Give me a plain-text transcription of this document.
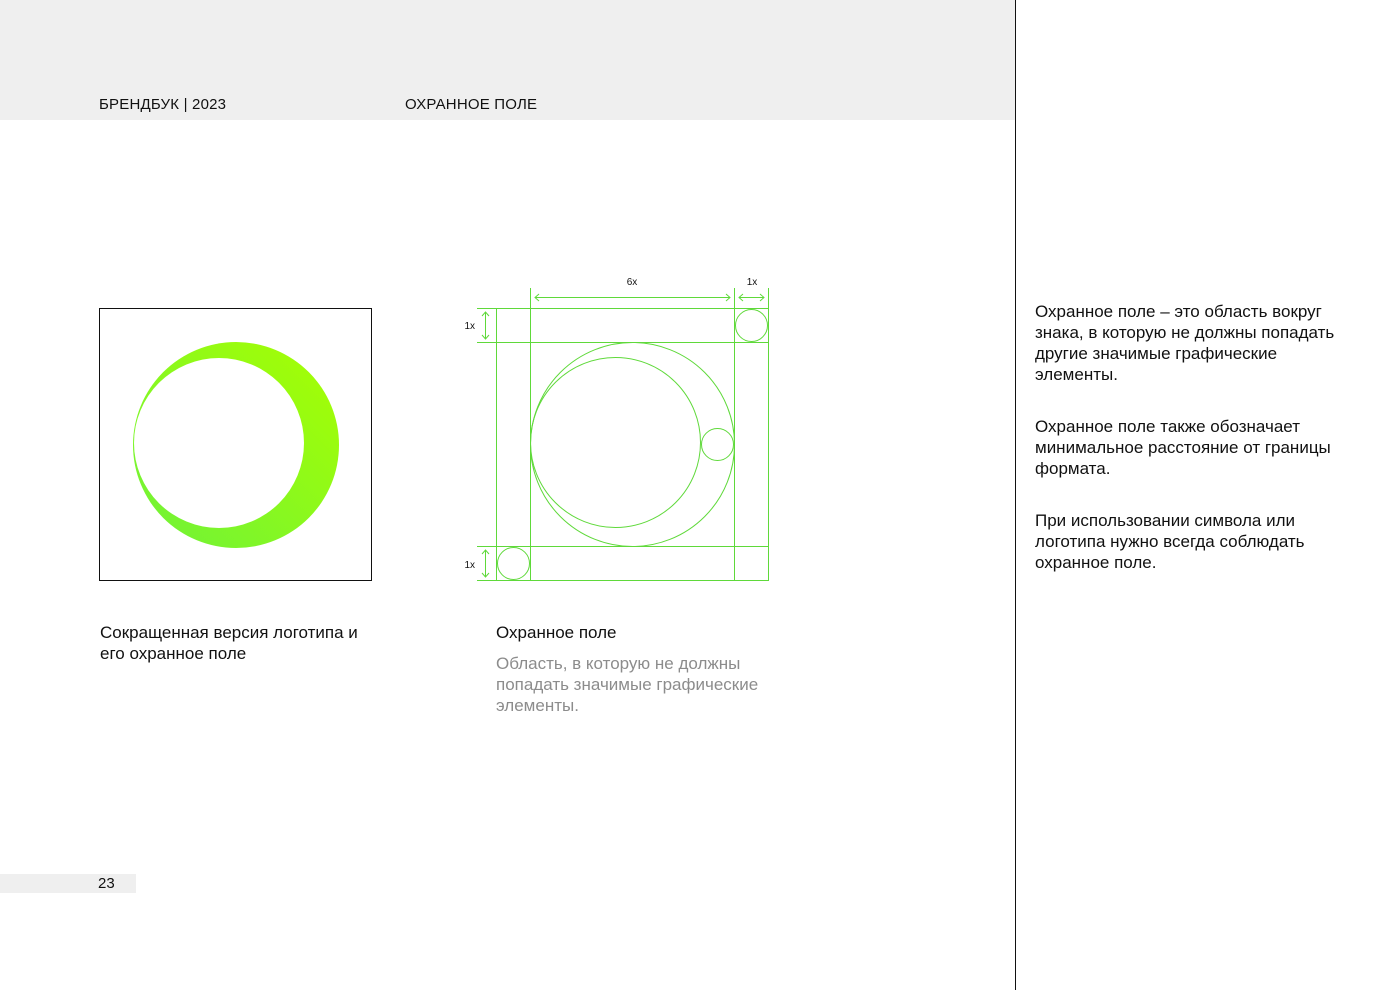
БРЕНДБУК | 2023	ОХРАННОЕ ПОЛЕ

Сокращенная версия логотипа и его охранное поле

6x	1x
1x
1x

Охранное поле

Область, в которую не должны попадать значимые графические элементы.

Охранное поле – это область вокруг знака, в которую не должны попадать другие значимые графические элементы.

Охранное поле также обозначает минимальное расстояние от границы формата.

При использовании символа или логотипа нужно всегда соблюдать охранное поле.

23
